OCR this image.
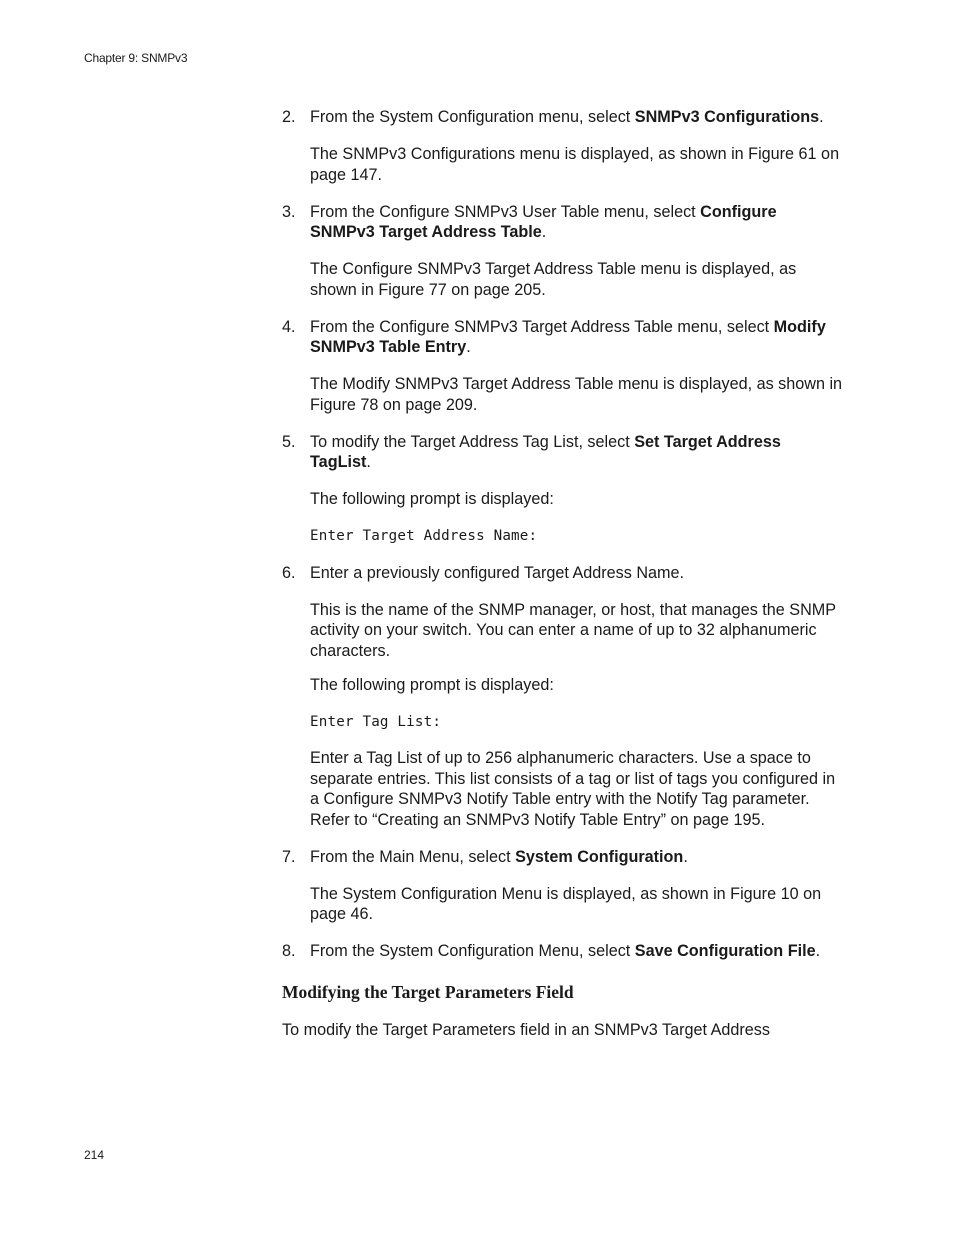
Chapter 9: SNMPv3
2. From the System Configuration menu, select SNMPv3 Configurations.

The SNMPv3 Configurations menu is displayed, as shown in Figure 61 on page 147.

3. From the Configure SNMPv3 User Table menu, select Configure SNMPv3 Target Address Table.

The Configure SNMPv3 Target Address Table menu is displayed, as shown in Figure 77 on page 205.

4. From the Configure SNMPv3 Target Address Table menu, select Modify SNMPv3 Table Entry.

The Modify SNMPv3 Target Address Table menu is displayed, as shown in Figure 78 on page 209.

5. To modify the Target Address Tag List, select Set Target Address TagList.

The following prompt is displayed:

Enter Target Address Name:
6. Enter a previously configured Target Address Name.

This is the name of the SNMP manager, or host, that manages the SNMP activity on your switch. You can enter a name of up to 32 alphanumeric characters.

The following prompt is displayed:

Enter Tag List:

Enter a Tag List of up to 256 alphanumeric characters. Use a space to separate entries. This list consists of a tag or list of tags you configured in a Configure SNMPv3 Notify Table entry with the Notify Tag parameter. Refer to “Creating an SNMPv3 Notify Table Entry” on page 195.

7. From the Main Menu, select System Configuration.

The System Configuration Menu is displayed, as shown in Figure 10 on page 46.

8. From the System Configuration Menu, select Save Configuration File.
Modifying the Target Parameters Field

To modify the Target Parameters field in an SNMPv3 Target Address

214
